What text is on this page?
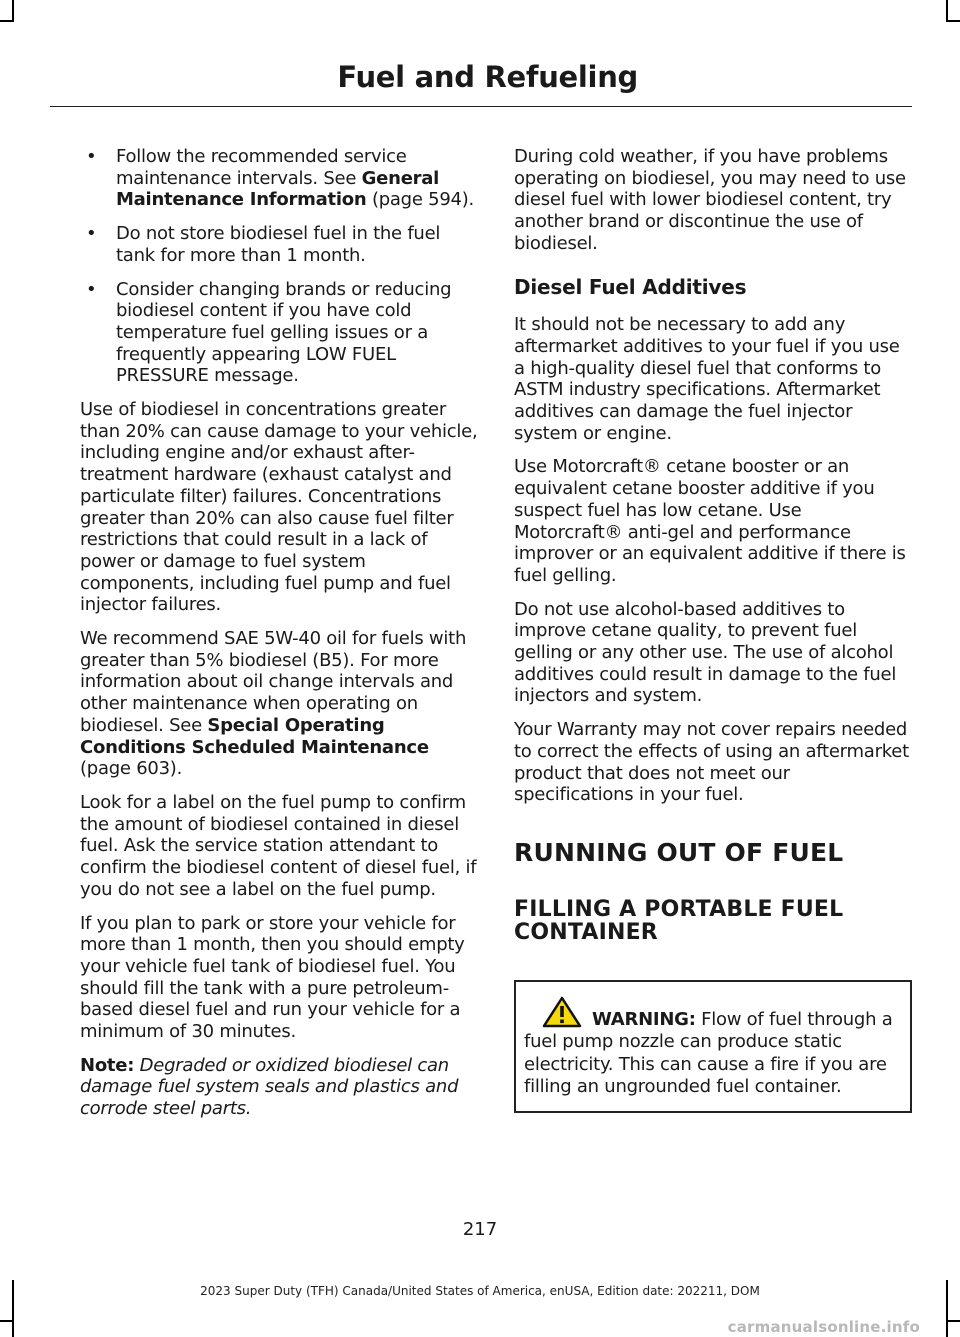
Fuel and Refueling
• Follow the recommended service maintenance intervals. See General Maintenance Information (page 594).
• Do not store biodiesel fuel in the fuel tank for more than 1 month.
• Consider changing brands or reducing biodiesel content if you have cold temperature fuel gelling issues or a frequently appearing LOW FUEL PRESSURE message.

Use of biodiesel in concentrations greater than 20% can cause damage to your vehicle, including engine and/or exhaust after-treatment hardware (exhaust catalyst and particulate filter) failures. Concentrations greater than 20% can also cause fuel filter restrictions that could result in a lack of power or damage to fuel system components, including fuel pump and fuel injector failures.

We recommend SAE 5W-40 oil for fuels with greater than 5% biodiesel (B5). For more information about oil change intervals and other maintenance when operating on biodiesel. See Special Operating Conditions Scheduled Maintenance (page 603).

Look for a label on the fuel pump to confirm the amount of biodiesel contained in diesel fuel. Ask the service station attendant to confirm the biodiesel content of diesel fuel, if you do not see a label on the fuel pump.

If you plan to park or store your vehicle for more than 1 month, then you should empty your vehicle fuel tank of biodiesel fuel. You should fill the tank with a pure petroleum-based diesel fuel and run your vehicle for a minimum of 30 minutes.

Note: Degraded or oxidized biodiesel can damage fuel system seals and plastics and corrode steel parts.

During cold weather, if you have problems operating on biodiesel, you may need to use diesel fuel with lower biodiesel content, try another brand or discontinue the use of biodiesel.

Diesel Fuel Additives

It should not be necessary to add any aftermarket additives to your fuel if you use a high-quality diesel fuel that conforms to ASTM industry specifications. Aftermarket additives can damage the fuel injector system or engine.

Use Motorcraft® cetane booster or an equivalent cetane booster additive if you suspect fuel has low cetane. Use Motorcraft® anti-gel and performance improver or an equivalent additive if there is fuel gelling.

Do not use alcohol-based additives to improve cetane quality, to prevent fuel gelling or any other use. The use of alcohol additives could result in damage to the fuel injectors and system.

Your Warranty may not cover repairs needed to correct the effects of using an aftermarket product that does not meet our specifications in your fuel.

RUNNING OUT OF FUEL
FILLING A PORTABLE FUEL CONTAINER
WARNING: Flow of fuel through a fuel pump nozzle can produce static electricity. This can cause a fire if you are filling an ungrounded fuel container.
217
2023 Super Duty (TFH) Canada/United States of America, enUSA, Edition date: 202211, DOM
carmanualsonline.info
